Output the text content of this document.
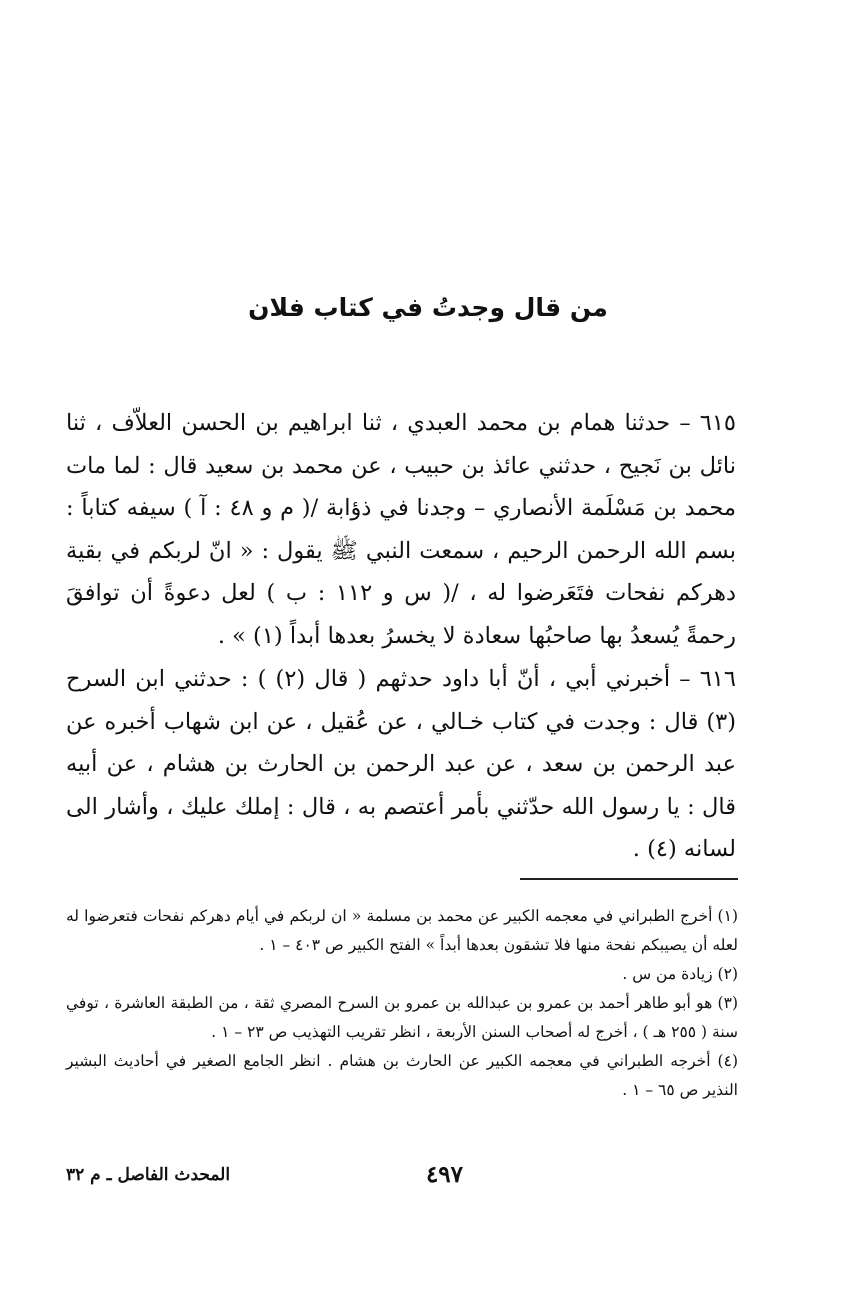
من قال وجدتُ في كتاب فلان

٦١٥ – حدثنا همام بن محمد العبدي ، ثنا ابراهيم بن الحسن العلاّف ، ثنا نائل بن نَجيح ، حدثني عائذ بن حبيب ، عن محمد بن سعيد قال : لما مات محمد بن مَسْلَمة الأنصاري – وجدنا في ذؤابة /( م و ٤٨ : آ ) سيفه كتاباً : بسم الله الرحمن الرحيم ، سمعت النبي ﷺ يقول : « انّ لربكم في بقية دهركم نفحات فتَعَرضوا له ، /( س و ١١٢ : ب ) لعل دعوةً أن توافقَ رحمةً يُسعدُ بها صاحبُها سعادة لا يخسرُ بعدها أبداً (١) » .

٦١٦ – أخبرني أبي ، أنّ أبا داود حدثهم ( قال (٢) ) : حدثني ابن السرح (٣) قال : وجدت في كتاب خـالي ، عن عُقيل ، عن ابن شهاب أخبره عن عبد الرحمن بن سعد ، عن عبد الرحمن بن الحارث بن هشام ، عن أبيه قال : يا رسول الله حدّثني بأمر أعتصم به ، قال : إملك عليك ، وأشار الى لسانه (٤) .

(١) أخرج الطبراني في معجمه الكبير عن محمد بن مسلمة « ان لربكم في أيام دهركم نفحات فتعرضوا له لعله أن يصيبكم نفحة منها فلا تشقون بعدها أبداً » الفتح الكبير ص ٤٠٣ – ١ .

(٢) زيادة من س .

(٣) هو أبو طاهر أحمد بن عمرو بن عبدالله بن عمرو بن السرح المصري ثقة ، من الطبقة العاشرة ، توفي سنة ( ٢٥٥ هـ ) ، أخرج له أصحاب السنن الأربعة ، انظر تقريب التهذيب ص ٢٣ – ١ .

(٤) أخرجه الطبراني في معجمه الكبير عن الحارث بن هشام . انظر الجامع الصغير في أحاديث البشير النذير ص ٦٥ – ١ .

٤٩٧
المحدث الفاصل ـ م ٣٢
